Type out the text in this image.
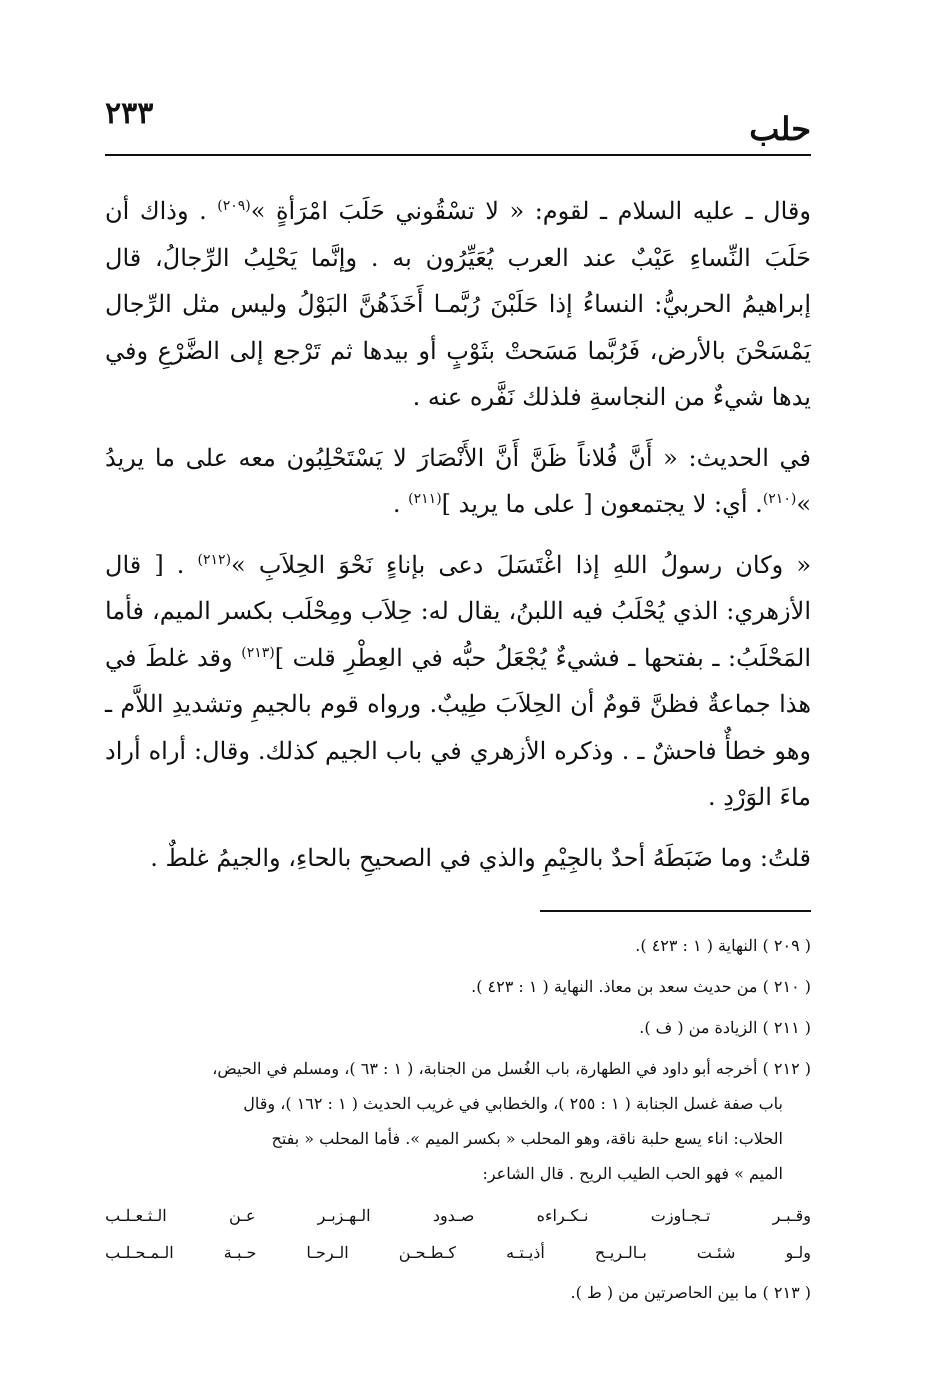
٢٣٣	حلب

وقال ـ عليه السلام ـ لقوم: « لا تسْقُوني حَلَبَ امْرَأةٍ »$^{(٢٠٩)}$ . وذاك أن حَلَبَ النِّساءِ عَيْبٌ عند العرب يُعَيِّرُون به . وإنَّما يَحْلِبُ الرِّجالُ، قال إبراهيمُ الحربيُّ: النساءُ إذا حَلَبْنَ رُبَّمـا أَخَذَهُنَّ البَوْلُ وليس مثل الرِّجال يَمْسَحْنَ بالأرض، فَرُبَّما مَسَحتْ بثَوْبٍ أو بيدها ثم تَرْجع إلى الضَّرْعِ وفي يدها شيءٌ من النجاسةِ فلذلك نَفَّره عنه .

في الحديث: « أَنَّ فُلاناً ظَنَّ أَنَّ الأَنْصَارَ لا يَسْتَحْلِبُون معه على ما يريدُ »$^{(٢١٠)}$. أي: لا يجتمعون [ على ما يريد ]$^{(٢١١)}$ .

« وكان رسولُ اللهِ إذا اغْتَسَلَ دعى بإناءٍ نَحْوَ الحِلاَبِ »$^{(٢١٢)}$ . [ قال الأزهري: الذي يُحْلَبُ فيه اللبنُ، يقال له: حِلاَب ومِحْلَب بكسر الميم، فأما المَحْلَبُ: ـ بفتحها ـ فشيءٌ يُجْعَلُ حبُّه في العِطْرِ قلت ]$^{(٢١٣)}$ وقد غلطَ في هذا جماعةٌ فظنَّ قومٌ أن الحِلاَبَ طِيبٌ. ورواه قوم بالجيمِ وتشديدِ اللاَّم ـ وهو خطأٌ فاحشٌ ـ . وذكره الأزهري في باب الجيم كذلك. وقال: أراه أراد ماءَ الوَرْدِ .

قلتُ: وما ضَبَطَهُ أحدٌ بالجِيْمِ والذي في الصحيحِ بالحاءِ، والجيمُ غلطٌ .

( ٢٠٩ ) النهاية ( ١ : ٤٢٣ ).
( ٢١٠ ) من حديث سعد بن معاذ. النهاية ( ١ : ٤٢٣ ).
( ٢١١ ) الزيادة من ( ف ).
( ٢١٢ ) أخرجه أبو داود في الطهارة، باب الغُسل من الجنابة، ( ١ : ٦٣ )، ومسلم في الحيض،
باب صفة غسل الجنابة ( ١ : ٢٥٥ )، والخطابي في غريب الحديث ( ١ : ١٦٢ )، وقال
الحلاب: اناء يسع حلبة ناقة، وهو المحلب « بكسر الميم ». فأما المحلب « بفتح
الميم » فهو الحب الطيب الريح . قال الشاعر:
وقـبـر
تـجـاوزت
نـكـراءه
صـدود
الـهـزبـر
عـن
الـثـعـلـب
ولـو
شئـت
بـالـريـح
أذيـتـه
كـطـحـن
الـرحـا
حـبـة
الـمـحـلـب
( ٢١٣ ) ما بين الحاصرتين من ( ط ).
